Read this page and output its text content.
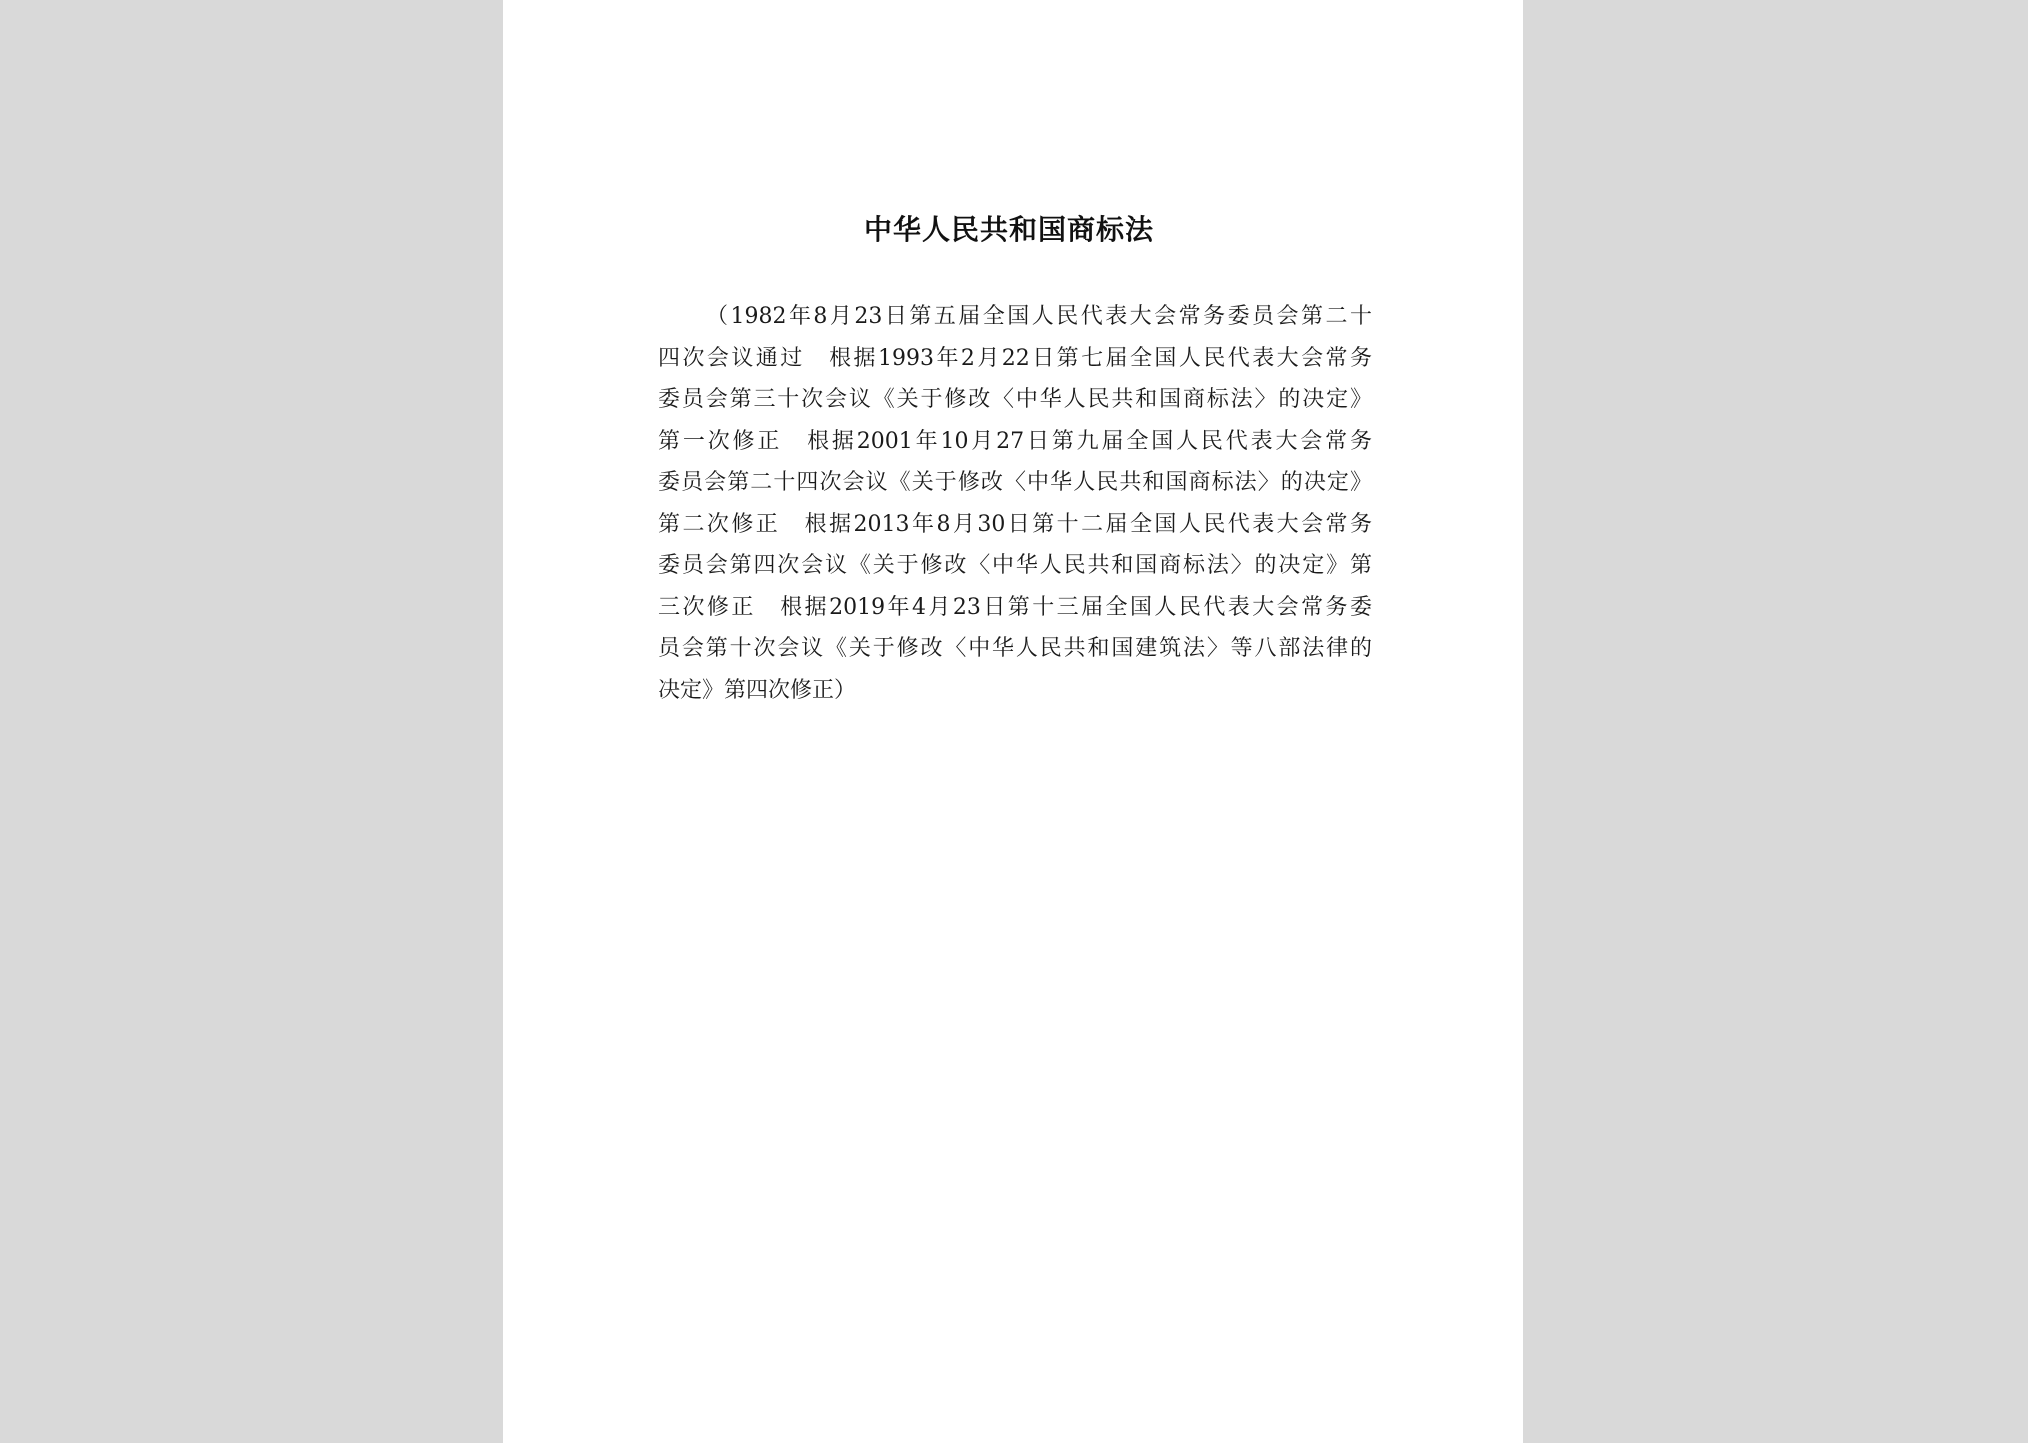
中华人民共和国商标法
（1982年8月23日第五届全国人民代表大会常务委员会第二十
四次会议通过　根据1993年2月22日第七届全国人民代表大会常务
委员会第三十次会议《关于修改〈中华人民共和国商标法〉的决定》
第一次修正　根据2001年10月27日第九届全国人民代表大会常务
委员会第二十四次会议《关于修改〈中华人民共和国商标法〉的决定》
第二次修正　根据2013年8月30日第十二届全国人民代表大会常务
委员会第四次会议《关于修改〈中华人民共和国商标法〉的决定》第
三次修正　根据2019年4月23日第十三届全国人民代表大会常务委
员会第十次会议《关于修改〈中华人民共和国建筑法〉等八部法律的
决定》第四次修正）
